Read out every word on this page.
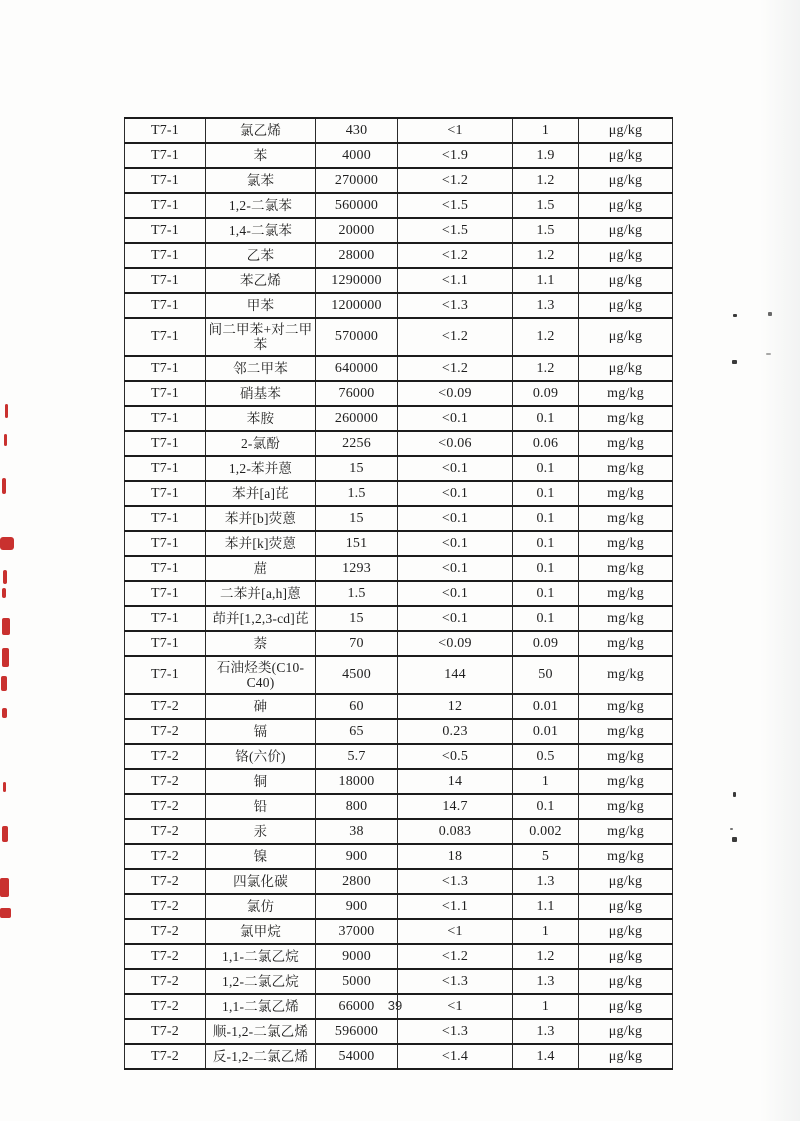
T7-1	氯乙烯	430	<1	1	μg/kg
T7-1	苯	4000	<1.9	1.9	μg/kg
T7-1	氯苯	270000	<1.2	1.2	μg/kg
T7-1	1,2-二氯苯	560000	<1.5	1.5	μg/kg
T7-1	1,4-二氯苯	20000	<1.5	1.5	μg/kg
T7-1	乙苯	28000	<1.2	1.2	μg/kg
T7-1	苯乙烯	1290000	<1.1	1.1	μg/kg
T7-1	甲苯	1200000	<1.3	1.3	μg/kg
T7-1	间二甲苯+对二甲苯	570000	<1.2	1.2	μg/kg
T7-1	邻二甲苯	640000	<1.2	1.2	μg/kg
T7-1	硝基苯	76000	<0.09	0.09	mg/kg
T7-1	苯胺	260000	<0.1	0.1	mg/kg
T7-1	2-氯酚	2256	<0.06	0.06	mg/kg
T7-1	1,2-苯并蒽	15	<0.1	0.1	mg/kg
T7-1	苯并[a]芘	1.5	<0.1	0.1	mg/kg
T7-1	苯并[b]荧蒽	15	<0.1	0.1	mg/kg
T7-1	苯并[k]荧蒽	151	<0.1	0.1	mg/kg
T7-1	䓛	1293	<0.1	0.1	mg/kg
T7-1	二苯并[a,h]蒽	1.5	<0.1	0.1	mg/kg
T7-1	茚并[1,2,3-cd]芘	15	<0.1	0.1	mg/kg
T7-1	萘	70	<0.09	0.09	mg/kg
T7-1	石油烃类(C10-C40)	4500	144	50	mg/kg
T7-2	砷	60	12	0.01	mg/kg
T7-2	镉	65	0.23	0.01	mg/kg
T7-2	铬(六价)	5.7	<0.5	0.5	mg/kg
T7-2	铜	18000	14	1	mg/kg
T7-2	铅	800	14.7	0.1	mg/kg
T7-2	汞	38	0.083	0.002	mg/kg
T7-2	镍	900	18	5	mg/kg
T7-2	四氯化碳	2800	<1.3	1.3	μg/kg
T7-2	氯仿	900	<1.1	1.1	μg/kg
T7-2	氯甲烷	37000	<1	1	μg/kg
T7-2	1,1-二氯乙烷	9000	<1.2	1.2	μg/kg
T7-2	1,2-二氯乙烷	5000	<1.3	1.3	μg/kg
T7-2	1,1-二氯乙烯	66000	<1	1	μg/kg
T7-2	顺-1,2-二氯乙烯	596000	<1.3	1.3	μg/kg
T7-2	反-1,2-二氯乙烯	54000	<1.4	1.4	μg/kg
39
